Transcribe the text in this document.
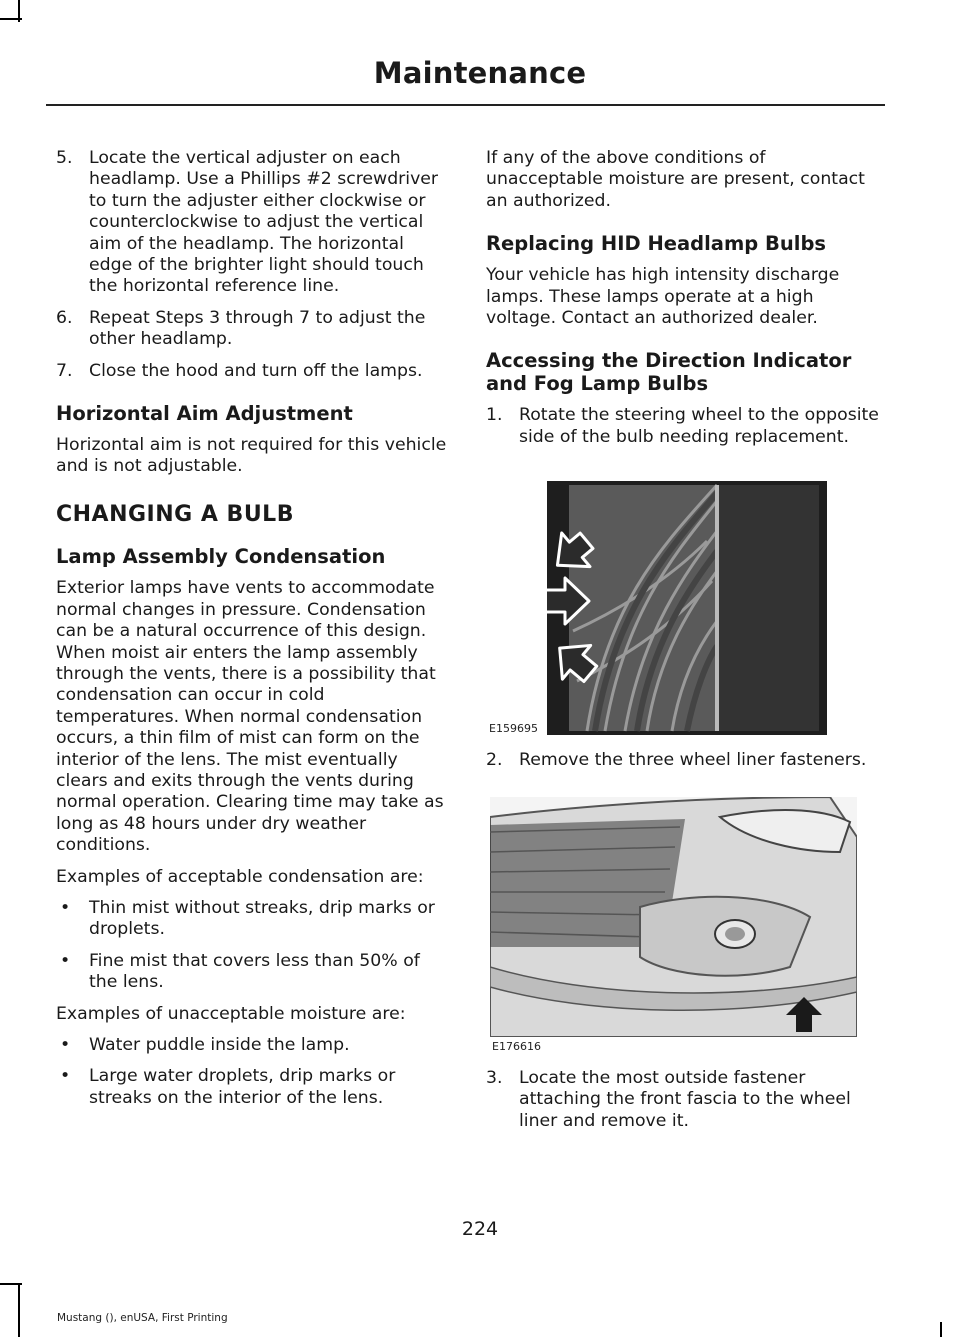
Maintenance
5. Locate the vertical adjuster on each headlamp. Use a Phillips #2 screwdriver to turn the adjuster either clockwise or counterclockwise to adjust the vertical aim of the headlamp. The horizontal edge of the brighter light should touch the horizontal reference line.
6. Repeat Steps 3 through 7 to adjust the other headlamp.
7. Close the hood and turn off the lamps.
Horizontal Aim Adjustment

Horizontal aim is not required for this vehicle and is not adjustable.

CHANGING A BULB
Lamp Assembly Condensation

Exterior lamps have vents to accommodate normal changes in pressure. Condensation can be a natural occurrence of this design. When moist air enters the lamp assembly through the vents, there is a possibility that condensation can occur in cold temperatures. When normal condensation occurs, a thin film of mist can form on the interior of the lens. The mist eventually clears and exits through the vents during normal operation. Clearing time may take as long as 48 hours under dry weather conditions.

Examples of acceptable condensation are:

• Thin mist without streaks, drip marks or droplets.
• Fine mist that covers less than 50% of the lens.

Examples of unacceptable moisture are:

• Water puddle inside the lamp.
• Large water droplets, drip marks or streaks on the interior of the lens.

If any of the above conditions of unacceptable moisture are present, contact an authorized.

Replacing HID Headlamp Bulbs

Your vehicle has high intensity discharge lamps. These lamps operate at a high voltage. Contact an authorized dealer.

Accessing the Direction Indicator and Fog Lamp Bulbs
1. Rotate the steering wheel to the opposite side of the bulb needing replacement.
E159695
2. Remove the three wheel liner fasteners.
E176616
3. Locate the most outside fastener attaching the front fascia to the wheel liner and remove it.
224
Mustang (), enUSA, First Printing
